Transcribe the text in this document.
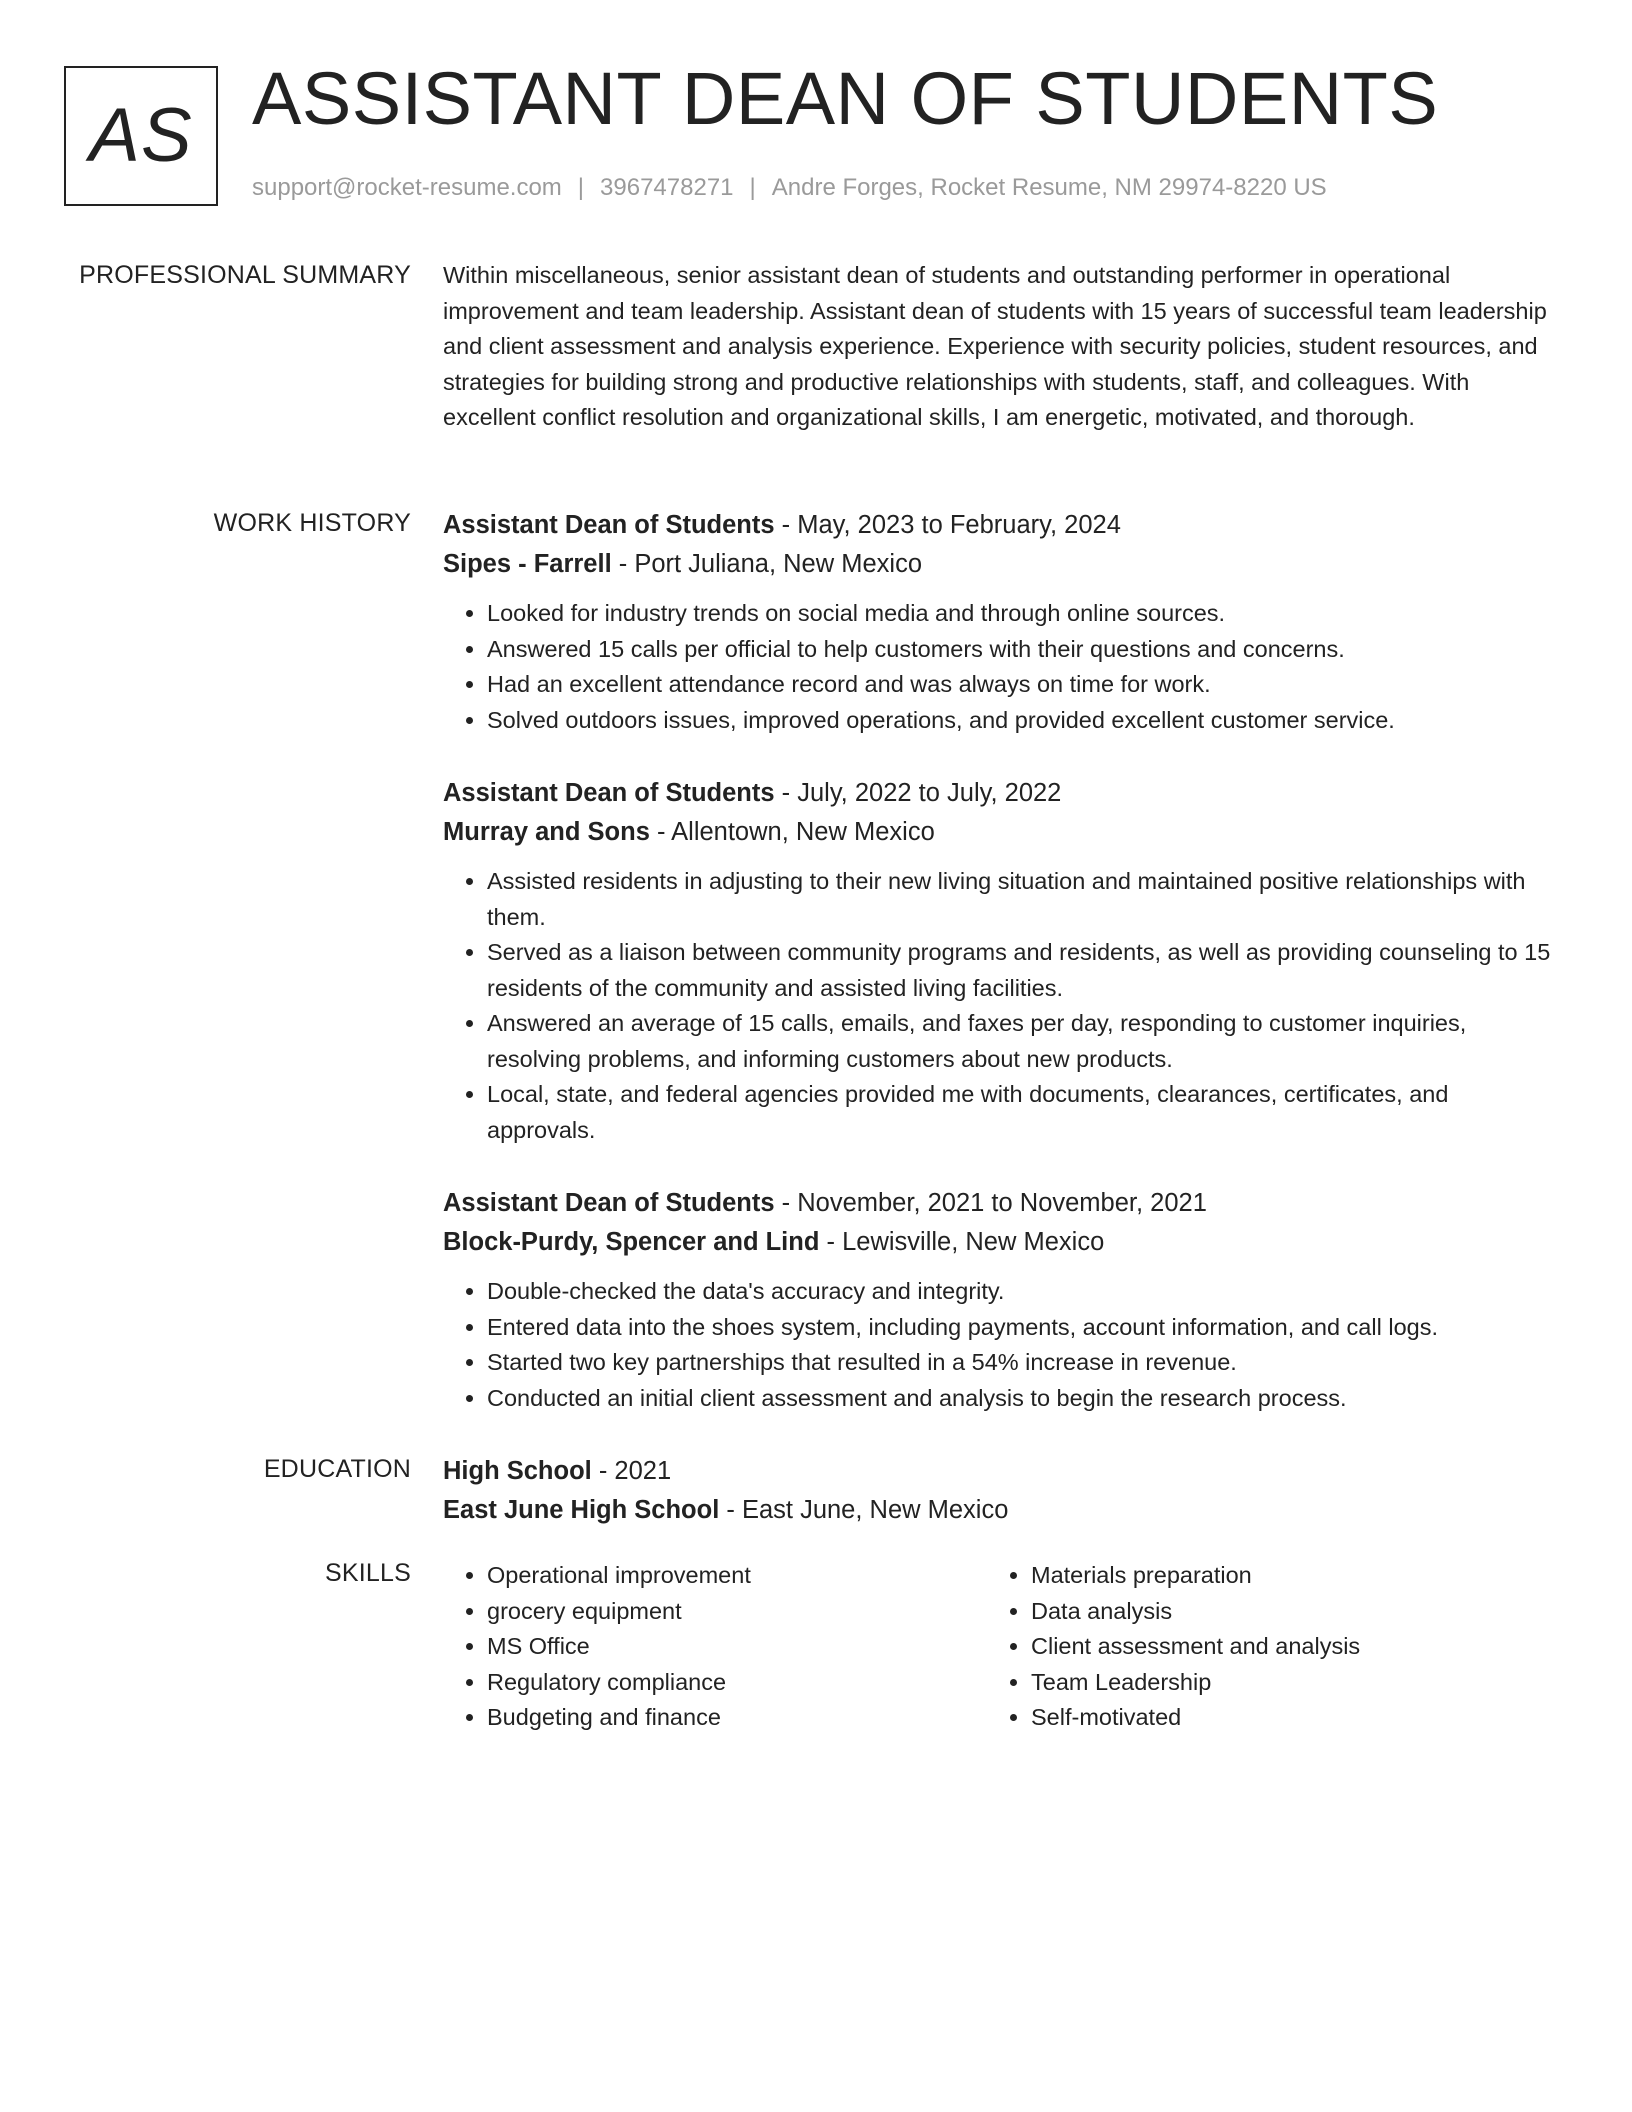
AS ASSISTANT DEAN OF STUDENTS
support@rocket-resume.com | 3967478271 | Andre Forges, Rocket Resume, NM 29974-8220 US
PROFESSIONAL SUMMARY Within miscellaneous, senior assistant dean of students and outstanding performer in operational improvement and team leadership. Assistant dean of students with 15 years of successful team leadership and client assessment and analysis experience. Experience with security policies, student resources, and strategies for building strong and productive relationships with students, staff, and colleagues. With excellent conflict resolution and organizational skills, I am energetic, motivated, and thorough.

WORK HISTORY Assistant Dean of Students - May, 2023 to February, 2024
Sipes - Farrell - Port Juliana, New Mexico
• Looked for industry trends on social media and through online sources.
• Answered 15 calls per official to help customers with their questions and concerns.
• Had an excellent attendance record and was always on time for work.
• Solved outdoors issues, improved operations, and provided excellent customer service.
Assistant Dean of Students - July, 2022 to July, 2022
Murray and Sons - Allentown, New Mexico
• Assisted residents in adjusting to their new living situation and maintained positive relationships with them.
• Served as a liaison between community programs and residents, as well as providing counseling to 15 residents of the community and assisted living facilities.
• Answered an average of 15 calls, emails, and faxes per day, responding to customer inquiries, resolving problems, and informing customers about new products.
• Local, state, and federal agencies provided me with documents, clearances, certificates, and approvals.
Assistant Dean of Students - November, 2021 to November, 2021
Block-Purdy, Spencer and Lind - Lewisville, New Mexico
• Double-checked the data's accuracy and integrity.
• Entered data into the shoes system, including payments, account information, and call logs.
• Started two key partnerships that resulted in a 54% increase in revenue.
• Conducted an initial client assessment and analysis to begin the research process.
EDUCATION High School - 2021
East June High School - East June, New Mexico
SKILLS
•	Operational improvement
• grocery equipment
• MS Office
• Regulatory compliance
• Budgeting and finance
• Materials preparation
• Data analysis
• Client assessment and analysis
• Team Leadership
• Self-motivated
